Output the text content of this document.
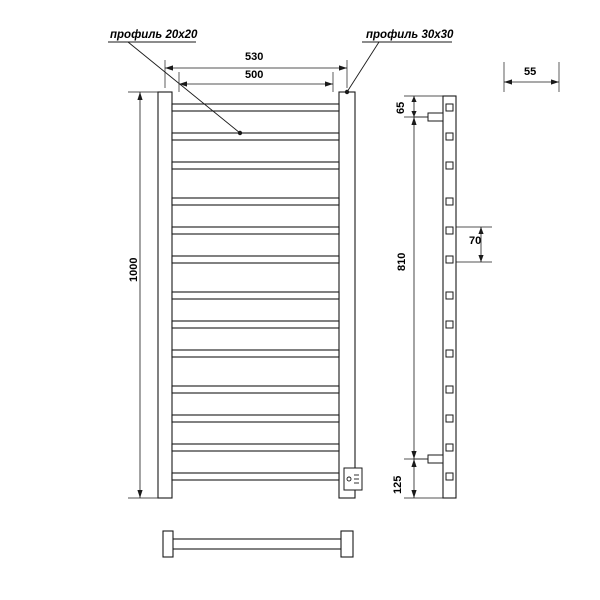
профиль 20x20	профиль 30x30
530
500
1000
55
65
810
70
125
